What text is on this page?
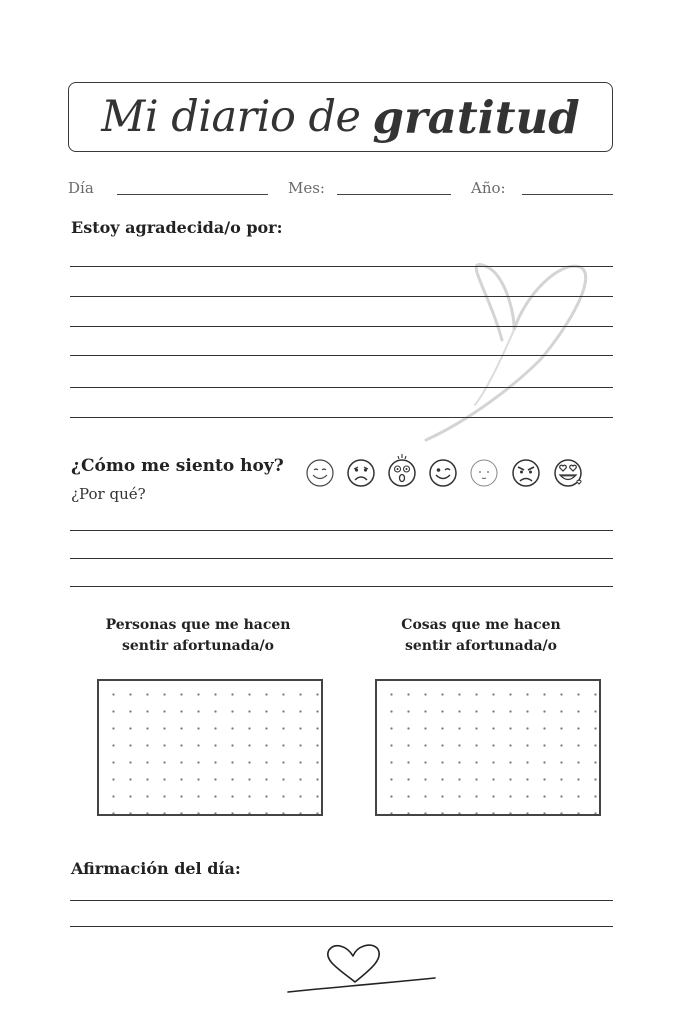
Mi diario de gratitud
Día	Mes:	Año:
Estoy agradecida/o por:
¿Cómo me siento hoy?
¿Por qué?
Personas que me hacen
sentir afortunada/o
Cosas que me hacen
sentir afortunada/o
Afirmación del día:
